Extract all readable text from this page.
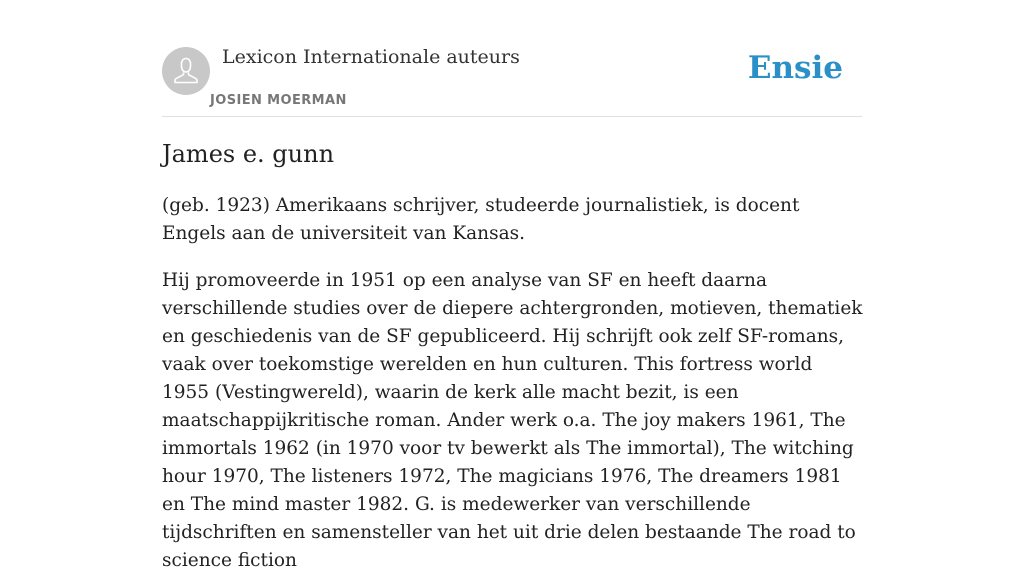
Lexicon Internationale auteurs
JOSIEN MOERMAN
Ensie
James e. gunn

(geb. 1923) Amerikaans schrijver, studeerde journalistiek, is docent Engels aan de universiteit van Kansas.

Hij promoveerde in 1951 op een analyse van SF en heeft daarna verschillende studies over de diepere achtergronden, motieven, thematiek en geschiedenis van de SF gepubliceerd. Hij schrijft ook zelf SF-romans, vaak over toekomstige werelden en hun culturen. This fortress world 1955 (Vestingwereld), waarin de kerk alle macht bezit, is een maatschappijkritische roman. Ander werk o.a. The joy makers 1961, The immortals 1962 (in 1970 voor tv bewerkt als The immortal), The witching hour 1970, The listeners 1972, The magicians 1976, The dreamers 1981 en The mind master 1982. G. is medewerker van verschillende tijdschriften en samensteller van het uit drie delen bestaande The road to science fiction
